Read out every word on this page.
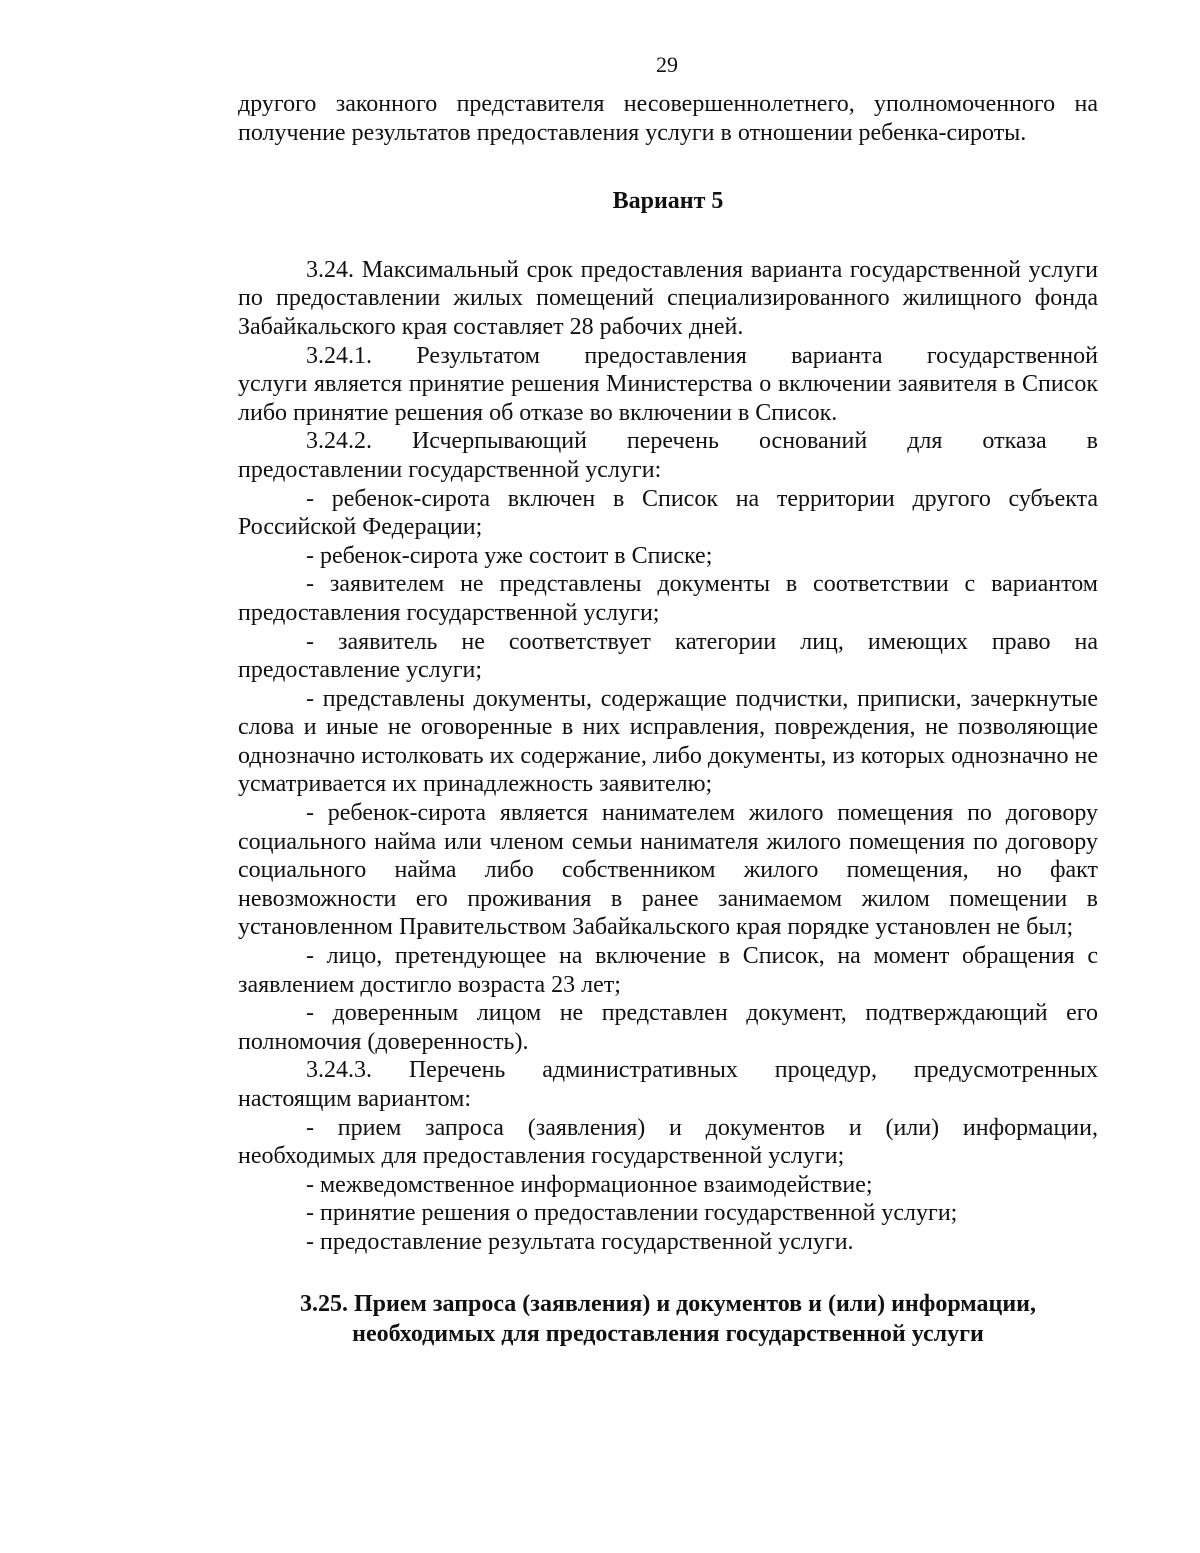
29

другого законного представителя несовершеннолетнего, уполномоченного на получение результатов предоставления услуги в отношении ребенка-сироты.

Вариант 5

3.24. Максимальный срок предоставления варианта государственной услуги по предоставлении жилых помещений специализированного жилищного фонда Забайкальского края составляет 28 рабочих дней.

3.24.1. Результатом предоставления варианта государственной

услуги является принятие решения Министерства о включении заявителя в Список либо принятие решения об отказе во включении в Список.

3.24.2. Исчерпывающий перечень оснований для отказа в

предоставлении государственной услуги:

- ребенок-сирота включен в Список на территории другого субъекта Российской Федерации;

- ребенок-сирота уже состоит в Списке;

- заявителем не представлены документы в соответствии с вариантом предоставления государственной услуги;

- заявитель не соответствует категории лиц, имеющих право на предоставление услуги;

- представлены документы, содержащие подчистки, приписки, зачеркнутые слова и иные не оговоренные в них исправления, повреждения, не позволяющие однозначно истолковать их содержание, либо документы, из которых однозначно не усматривается их принадлежность заявителю;

- ребенок-сирота является нанимателем жилого помещения по договору социального найма или членом семьи нанимателя жилого помещения по договору социального найма либо собственником жилого помещения, но факт невозможности его проживания в ранее занимаемом жилом помещении в установленном Правительством Забайкальского края порядке установлен не был;

- лицо, претендующее на включение в Список, на момент обращения с заявлением достигло возраста 23 лет;

- доверенным лицом не представлен документ, подтверждающий его полномочия (доверенность).

3.24.3. Перечень административных процедур, предусмотренных

настоящим вариантом:

- прием запроса (заявления) и документов и (или) информации, необходимых для предоставления государственной услуги;

- межведомственное информационное взаимодействие;

- принятие решения о предоставлении государственной услуги;

- предоставление результата государственной услуги.

3.25. Прием запроса (заявления) и документов и (или) информации,
необходимых для предоставления государственной услуги
